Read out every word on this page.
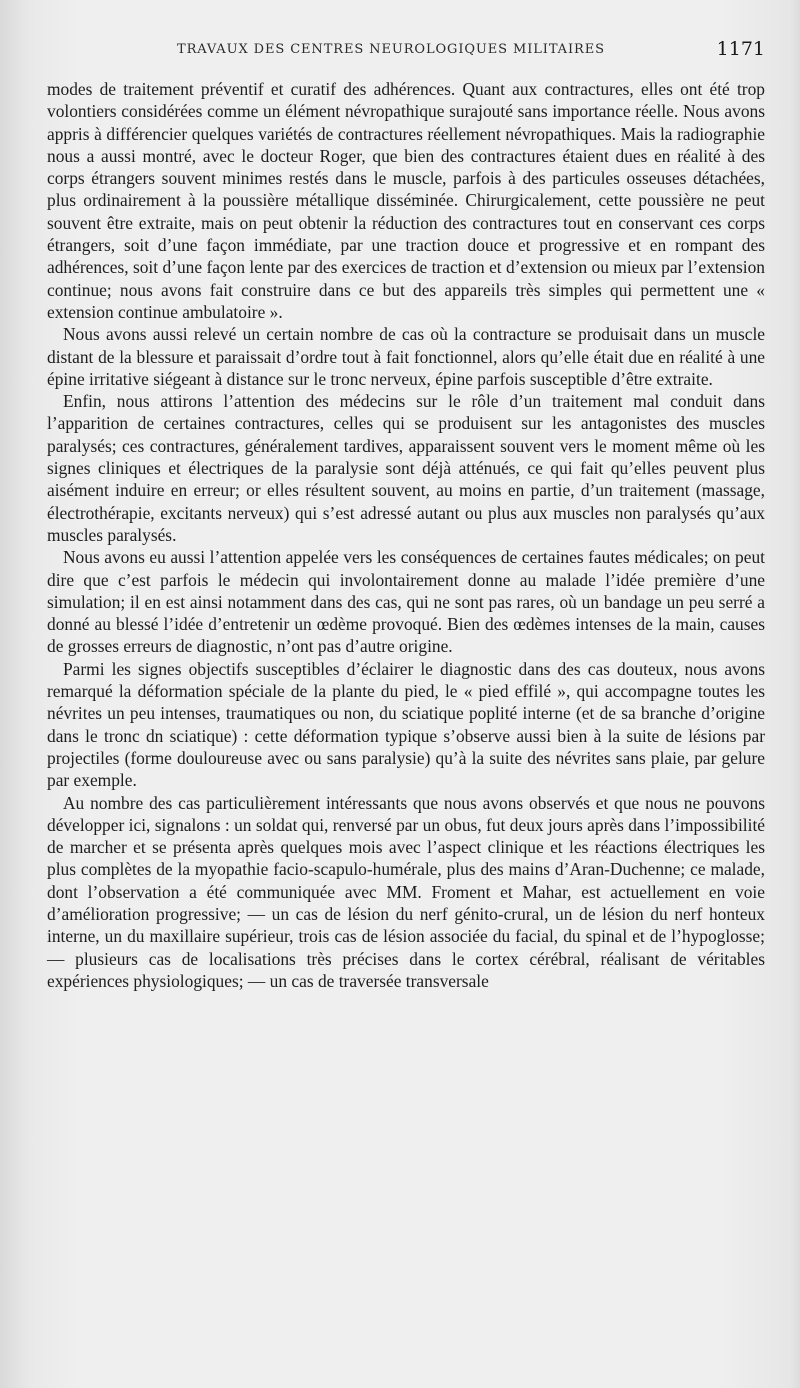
TRAVAUX DES CENTRES NEUROLOGIQUES MILITAIRES	1171

modes de traitement préventif et curatif des adhérences. Quant aux contractures, elles ont été trop volontiers considérées comme un élément névropathique surajouté sans importance réelle. Nous avons appris à différencier quelques variétés de contractures réellement névropathiques. Mais la radiographie nous a aussi montré, avec le docteur Roger, que bien des contractures étaient dues en réalité à des corps étrangers souvent minimes restés dans le muscle, parfois à des particules osseuses détachées, plus ordinairement à la poussière métallique disséminée. Chirurgicalement, cette poussière ne peut souvent être extraite, mais on peut obtenir la réduction des contractures tout en conservant ces corps étrangers, soit d’une façon immédiate, par une traction douce et progressive et en rompant des adhérences, soit d’une façon lente par des exercices de traction et d’extension ou mieux par l’extension continue; nous avons fait construire dans ce but des appareils très simples qui permettent une « extension continue ambulatoire ».

Nous avons aussi relevé un certain nombre de cas où la contracture se produisait dans un muscle distant de la blessure et paraissait d’ordre tout à fait fonctionnel, alors qu’elle était due en réalité à une épine irritative siégeant à distance sur le tronc nerveux, épine parfois susceptible d’être extraite.

Enfin, nous attirons l’attention des médecins sur le rôle d’un traitement mal conduit dans l’apparition de certaines contractures, celles qui se produisent sur les antagonistes des muscles paralysés; ces contractures, généralement tardives, apparaissent souvent vers le moment même où les signes cliniques et électriques de la paralysie sont déjà atténués, ce qui fait qu’elles peuvent plus aisément induire en erreur; or elles résultent souvent, au moins en partie, d’un traitement (massage, électrothérapie, excitants nerveux) qui s’est adressé autant ou plus aux muscles non paralysés qu’aux muscles paralysés.

Nous avons eu aussi l’attention appelée vers les conséquences de certaines fautes médicales; on peut dire que c’est parfois le médecin qui involontairement donne au malade l’idée première d’une simulation; il en est ainsi notamment dans des cas, qui ne sont pas rares, où un bandage un peu serré a donné au blessé l’idée d’entretenir un œdème provoqué. Bien des œdèmes intenses de la main, causes de grosses erreurs de diagnostic, n’ont pas d’autre origine.

Parmi les signes objectifs susceptibles d’éclairer le diagnostic dans des cas douteux, nous avons remarqué la déformation spéciale de la plante du pied, le « pied effilé », qui accompagne toutes les névrites un peu intenses, traumatiques ou non, du sciatique poplité interne (et de sa branche d’origine dans le tronc dn sciatique) : cette déformation typique s’observe aussi bien à la suite de lésions par projectiles (forme douloureuse avec ou sans paralysie) qu’à la suite des névrites sans plaie, par gelure par exemple.

Au nombre des cas particulièrement intéressants que nous avons observés et que nous ne pouvons développer ici, signalons : un soldat qui, renversé par un obus, fut deux jours après dans l’impossibilité de marcher et se présenta après quelques mois avec l’aspect clinique et les réactions électriques les plus complètes de la myopathie facio-scapulo-humérale, plus des mains d’Aran-Duchenne; ce malade, dont l’observation a été communiquée avec MM. Froment et Mahar, est actuellement en voie d’amélioration progressive; — un cas de lésion du nerf génito-crural, un de lésion du nerf honteux interne, un du maxillaire supérieur, trois cas de lésion associée du facial, du spinal et de l’hypoglosse; — plusieurs cas de localisations très précises dans le cortex cérébral, réalisant de véritables expériences physiologiques; — un cas de traversée transversale
